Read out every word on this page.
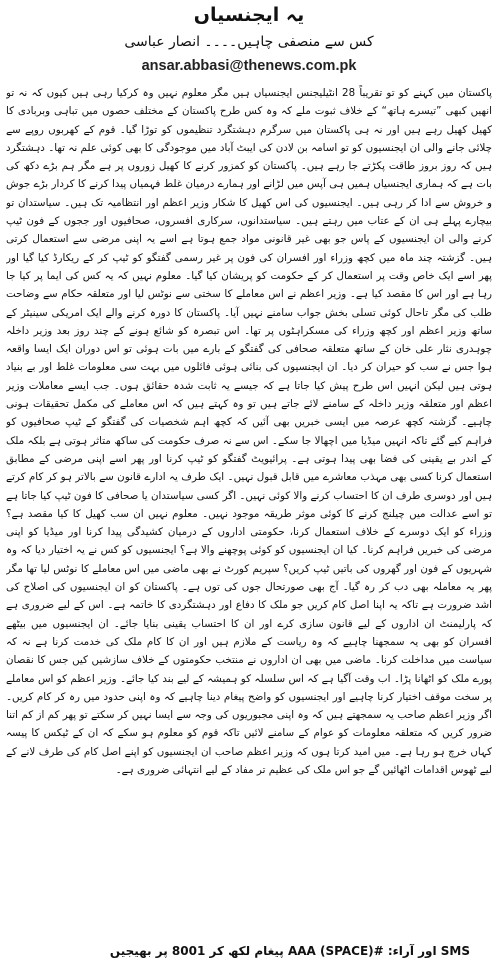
یہ ایجنسیاں
کس سے منصفی چاہیں۔۔۔۔ انصار عباسی
ansar.abbasi@thenews.com.pk

پاکستان میں کہنے کو تو تقریباً 28 انٹیلیجنس ایجنسیاں ہیں مگر معلوم نہیں وہ کرکیا رہی ہیں کیوں کہ نہ تو انھیں کبھی ”تیسرے ہاتھ“ کے خلاف ثبوت ملے کہ وہ کس طرح پاکستان کے مختلف حصوں میں تباہی وبربادی کا کھیل کھیل رہے ہیں اور نہ ہی پاکستان میں سرگرم دہشتگرد تنظیموں کو توڑا گیا۔ قوم کے کھربوں روپے سے چلائی جانے والی ان ایجنسیوں کو تو اسامہ بن لادن کی ایبٹ آباد میں موجودگی کا بھی کوئی علم نہ تھا۔ دہشتگرد ہیں کہ روز بروز طاقت پکڑتے جا رہے ہیں۔ پاکستان کو کمزور کرنے کا کھیل زوروں پر ہے مگر ہم بڑے دکھ کی بات ہے کہ ہماری ایجنسیاں ہمیں ہی آپس میں لڑانے اور ہمارے درمیان غلط فہمیاں پیدا کرنے کا کردار بڑے جوش و خروش سے ادا کر رہی ہیں۔ ایجنسیوں کی اس کھیل کا شکار وزیر اعظم اور انتظامیہ تک ہیں۔ سیاستدان تو بیچارے پہلے ہی ان کے عتاب میں رہتے ہیں۔ سیاستدانوں، سرکاری افسروں، صحافیوں اور ججوں کے فون ٹیپ کرنے والی ان ایجنسیوں کے پاس جو بھی غیر قانونی مواد جمع ہوتا ہے اسے یہ اپنی مرضی سے استعمال کرتی ہیں۔ گزشتہ چند ماہ میں کچھ وزراء اور افسران کی فون پر غیر رسمی گفتگو کو ٹیپ کر کے ریکارڈ کیا گیا اور پھر اسے ایک خاص وقت پر استعمال کر کے حکومت کو پریشان کیا گیا۔ معلوم نہیں کہ یہ کس کی ایما پر کیا جا رہا ہے اور اس کا مقصد کیا ہے۔ وزیر اعظم نے اس معاملے کا سختی سے نوٹس لیا اور متعلقہ حکام سے وضاحت طلب کی مگر تاحال کوئی تسلی بخش جواب سامنے نہیں آیا۔ پاکستان کا دورہ کرنے والے ایک امریکی سینیٹر کے ساتھ وزیر اعظم اور کچھ وزراء کی مسکراہٹوں پر تھا۔ اس تبصرہ کو شائع ہونے کے چند روز بعد وزیر داخلہ چوہدری نثار علی خان کے ساتھ متعلقہ صحافی کی گفتگو کے بارے میں بات ہوئی تو اس دوران ایک ایسا واقعہ ہوا جس نے سب کو حیران کر دیا۔ ان ایجنسیوں کی بنائی ہوئی فائلوں میں بہت سی معلومات غلط اور بے بنیاد ہوتی ہیں لیکن انہیں اس طرح پیش کیا جاتا ہے کہ جیسے یہ ثابت شدہ حقائق ہوں۔ جب ایسے معاملات وزیر اعظم اور متعلقہ وزیر داخلہ کے سامنے لائے جاتے ہیں تو وہ کہتے ہیں کہ اس معاملے کی مکمل تحقیقات ہونی چاہیے۔ گزشتہ کچھ عرصہ میں ایسی خبریں بھی آئیں کہ کچھ اہم شخصیات کی گفتگو کے ٹیپ صحافیوں کو فراہم کیے گئے تاکہ انہیں میڈیا میں اچھالا جا سکے۔ اس سے نہ صرف حکومت کی ساکھ متاثر ہوتی ہے بلکہ ملک کے اندر بے یقینی کی فضا بھی پیدا ہوتی ہے۔ پرائیویٹ گفتگو کو ٹیپ کرنا اور پھر اسے اپنی مرضی کے مطابق استعمال کرنا کسی بھی مہذب معاشرے میں قابل قبول نہیں۔ ایک طرف یہ ادارے قانون سے بالاتر ہو کر کام کرتے ہیں اور دوسری طرف ان کا احتساب کرنے والا کوئی نہیں۔ اگر کسی سیاستدان یا صحافی کا فون ٹیپ کیا جاتا ہے تو اسے عدالت میں چیلنج کرنے کا کوئی موثر طریقہ موجود نہیں۔ معلوم نہیں ان سب کھیل کا کیا مقصد ہے؟ وزراء کو ایک دوسرے کے خلاف استعمال کرنا، حکومتی اداروں کے درمیان کشیدگی پیدا کرنا اور میڈیا کو اپنی مرضی کی خبریں فراہم کرنا۔ کیا ان ایجنسیوں کو کوئی پوچھنے والا ہے؟ ایجنسیوں کو کس نے یہ اختیار دیا کہ وہ شہریوں کے فون اور گھروں کی باتیں ٹیپ کریں؟ سپریم کورٹ نے بھی ماضی میں اس معاملے کا نوٹس لیا تھا مگر پھر یہ معاملہ بھی دب کر رہ گیا۔ آج بھی صورتحال جوں کی توں ہے۔ پاکستان کو ان ایجنسیوں کی اصلاح کی اشد ضرورت ہے تاکہ یہ اپنا اصل کام کریں جو ملک کا دفاع اور دہشتگردی کا خاتمہ ہے۔ اس کے لیے ضروری ہے کہ پارلیمنٹ ان اداروں کے لیے قانون سازی کرے اور ان کا احتساب یقینی بنایا جائے۔ ان ایجنسیوں میں بیٹھے افسران کو بھی یہ سمجھنا چاہیے کہ وہ ریاست کے ملازم ہیں اور ان کا کام ملک کی خدمت کرنا ہے نہ کہ سیاست میں مداخلت کرنا۔ ماضی میں بھی ان اداروں نے منتخب حکومتوں کے خلاف سازشیں کیں جس کا نقصان پورے ملک کو اٹھانا پڑا۔ اب وقت آگیا ہے کہ اس سلسلہ کو ہمیشہ کے لیے بند کیا جائے۔ وزیر اعظم کو اس معاملے پر سخت موقف اختیار کرنا چاہیے اور ایجنسیوں کو واضح پیغام دینا چاہیے کہ وہ اپنی حدود میں رہ کر کام کریں۔ اگر وزیر اعظم صاحب یہ سمجھتے ہیں کہ وہ اپنی مجبوریوں کی وجہ سے ایسا نہیں کر سکتے تو پھر کم از کم اتنا ضرور کریں کہ متعلقہ معلومات کو عوام کے سامنے لائیں تاکہ قوم کو معلوم ہو سکے کہ ان کے ٹیکس کا پیسہ کہاں خرچ ہو رہا ہے۔ میں امید کرتا ہوں کہ وزیر اعظم صاحب ان ایجنسیوں کو اپنے اصل کام کی طرف لانے کے لیے ٹھوس اقدامات اٹھائیں گے جو اس ملک کی عظیم تر مفاد کے لیے انتہائی ضروری ہے۔

SMS اور آراء: #AAA (SPACE) پیغام لکھ کر 8001 پر بھیجیں
